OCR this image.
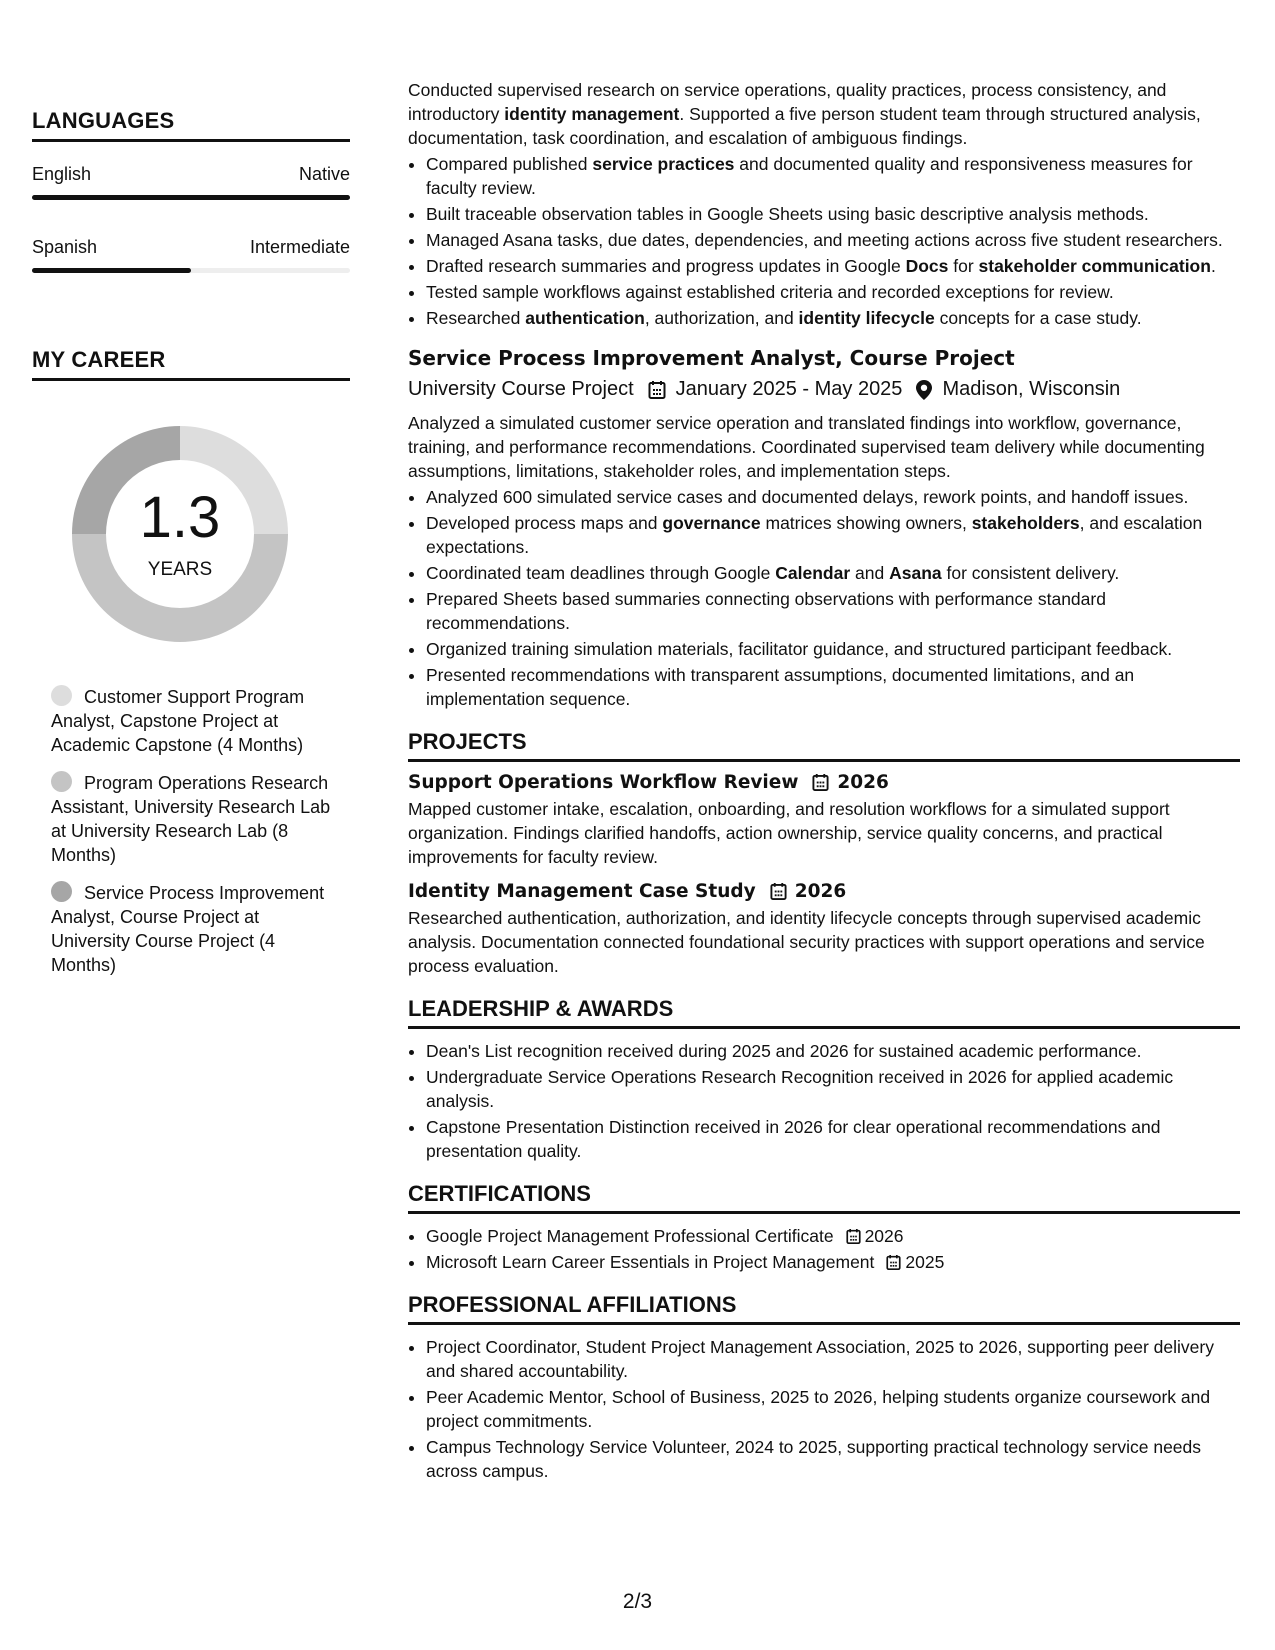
LANGUAGES
English	Native
Spanish	Intermediate
MY CAREER
1.3
YEARS
Customer Support Program Analyst, Capstone Project at Academic Capstone (4 Months)
Program Operations Research Assistant, University Research Lab at University Research Lab (8 Months)
Service Process Improvement Analyst, Course Project at University Course Project (4 Months)

Conducted supervised research on service operations, quality practices, process consistency, and introductory identity management. Supported a five person student team through structured analysis, documentation, task coordination, and escalation of ambiguous findings.

• Compared published service practices and documented quality and responsiveness measures for faculty review.
• Built traceable observation tables in Google Sheets using basic descriptive analysis methods.
• Managed Asana tasks, due dates, dependencies, and meeting actions across five student researchers.
• Drafted research summaries and progress updates in Google Docs for stakeholder communication.
• Tested sample workflows against established criteria and recorded exceptions for review.
• Researched authentication, authorization, and identity lifecycle concepts for a case study.
Service Process Improvement Analyst, Course Project
University Course Project January 2025 - May 2025 Madison, Wisconsin
Analyzed a simulated customer service operation and translated findings into workflow, governance, training, and performance recommendations. Coordinated supervised team delivery while documenting assumptions, limitations, stakeholder roles, and implementation steps.
• Analyzed 600 simulated service cases and documented delays, rework points, and handoff issues.
• Developed process maps and governance matrices showing owners, stakeholders, and escalation expectations.
• Coordinated team deadlines through Google Calendar and Asana for consistent delivery.
• Prepared Sheets based summaries connecting observations with performance standard recommendations.
• Organized training simulation materials, facilitator guidance, and structured participant feedback.
• Presented recommendations with transparent assumptions, documented limitations, and an implementation sequence.
PROJECTS
Support Operations Workflow Review 2026
Mapped customer intake, escalation, onboarding, and resolution workflows for a simulated support organization. Findings clarified handoffs, action ownership, service quality concerns, and practical improvements for faculty review.
Identity Management Case Study 2026
Researched authentication, authorization, and identity lifecycle concepts through supervised academic analysis. Documentation connected foundational security practices with support operations and service process evaluation.
LEADERSHIP & AWARDS
• Dean's List recognition received during 2025 and 2026 for sustained academic performance.
• Undergraduate Service Operations Research Recognition received in 2026 for applied academic analysis.
• Capstone Presentation Distinction received in 2026 for clear operational recommendations and presentation quality.
CERTIFICATIONS
• Google Project Management Professional Certificate 2026
• Microsoft Learn Career Essentials in Project Management 2025
PROFESSIONAL AFFILIATIONS
• Project Coordinator, Student Project Management Association, 2025 to 2026, supporting peer delivery and shared accountability.
• Peer Academic Mentor, School of Business, 2025 to 2026, helping students organize coursework and project commitments.
• Campus Technology Service Volunteer, 2024 to 2025, supporting practical technology service needs across campus.
2/3
